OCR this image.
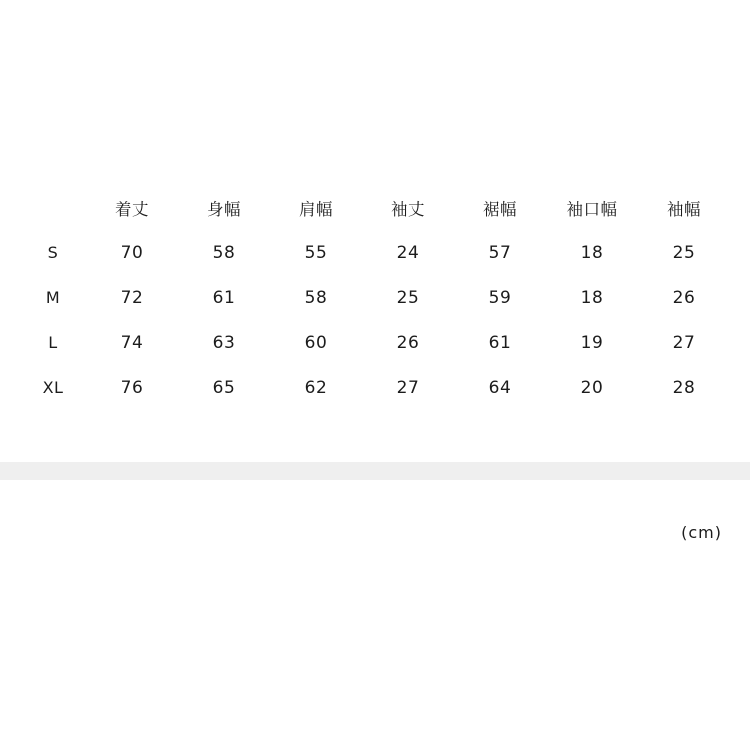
	着丈	身幅	肩幅	袖丈	裾幅	袖口幅	袖幅
S	70	58	55	24	57	18	25
M	72	61	58	25	59	18	26
L	74	63	60	26	61	19	27
XL	76	65	62	27	64	20	28
(cm)
